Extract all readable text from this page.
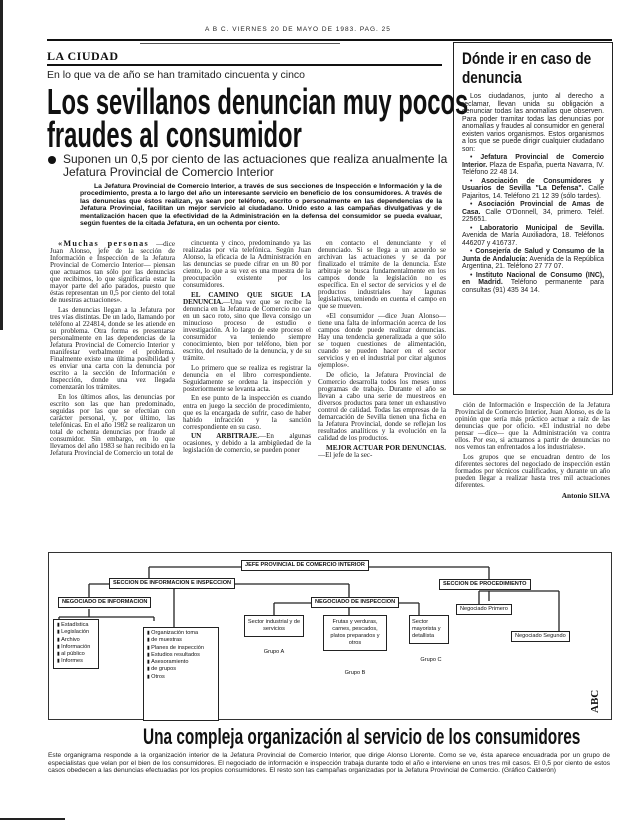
A B C. VIERNES 20 DE MAYO DE 1983. PAG. 25
LA CIUDAD
En lo que va de año se han tramitado cincuenta y cinco
Los sevillanos denuncian muy pocos
fraudes al consumidor
Suponen un 0,5 por ciento de las actuaciones que realiza anualmente la Jefatura Provincial de Comercio Interior
La Jefatura Provincial de Comercio Interior, a través de sus secciones de Inspección e Información y la de procedimiento, presta a lo largo del año un interesante servicio en beneficio de los consumidores. A través de las denuncias que éstos realizan, ya sean por teléfono, escrito o personalmente en las dependencias de la Jefatura Provincial, facilitan un mejor servicio al ciudadano. Unido esto a las campañas divulgativas y de mentalización hacen que la efectividad de la Administración en la defensa del consumidor se pueda evaluar, según fuentes de la citada Jefatura, en un ochenta por ciento.

«Muchas personas —dice Juan Alonso, jefe de la sección de Información e Inspección de la Jefatura Provincial de Comercio Interior— piensan que actuamos tan sólo por las denuncias que recibimos, lo que significaría estar la mayor parte del año parados, puesto que éstas representan un 0,5 por ciento del total de nuestras actuaciones».

Las denuncias llegan a la Jefatura por tres vías distintas. De un lado, llamando por teléfono al 224814, donde se les atiende en su problema. Otra forma es presentarse personalmente en las dependencias de la Jefatura Provincial de Comercio Interior y manifestar verbalmente el problema. Finalmente existe una última posibilidad y es enviar una carta con la denuncia por escrito a la sección de Información e Inspección, donde una vez llegada comenzarán los trámites.

En los últimos años, las denuncias por escrito son las que han predominado, seguidas por las que se efectúan con carácter personal, y, por último, las telefónicas. En el año 1982 se realizaron un total de ochenta denuncias por fraude al consumidor. Sin embargo, en lo que llevamos del año 1983 se han recibido en la Jefatura Provincial de Comercio un total de

cincuenta y cinco, predominando ya las realizadas por vía telefónica. Según Juan Alonso, la eficacia de la Administración en las denuncias se puede cifrar en un 80 por ciento, lo que a su vez es una muestra de la preocupación existente por los consumidores.

EL CAMINO QUE SIGUE LA DENUNCIA.—Una vez que se recibe la denuncia en la Jefatura de Comercio no cae en un saco roto, sino que lleva consigo un minucioso proceso de estudio e investigación. A lo largo de este proceso el consumidor va teniendo siempre conocimiento, bien por teléfono, bien por escrito, del resultado de la denuncia, y de su trámite.

Lo primero que se realiza es registrar la denuncia en el libro correspondiente. Seguidamente se ordena la inspección y posteriormente se levanta acta.

En ese punto de la inspección es cuando entra en juego la sección de procedimiento, que es la encargada de sufrir, caso de haber habido infracción y la sanción correspondiente en su caso.

UN ARBITRAJE.—En algunas ocasiones, y debido a la ambigüedad de la legislación de comercio, se pueden poner

en contacto el denunciante y el denunciado. Si se llega a un acuerdo se archivan las actuaciones y se da por finalizado el trámite de la denuncia. Este arbitraje se busca fundamentalmente en los campos donde la legislación no es específica. En el sector de servicios y el de productos industriales hay lagunas legislativas, teniendo en cuenta el campo en que se mueven.

«El consumidor —dice Juan Alonso— tiene una falta de información acerca de los campos donde puede realizar denuncias. Hay una tendencia generalizada a que sólo se toquen cuestiones de alimentación, cuando se pueden hacer en el sector servicios y en el industrial por citar algunos ejemplos».

De oficio, la Jefatura Provincial de Comercio desarrolla todos los meses unos programas de trabajo. Durante el año se llevan a cabo una serie de muestreos en diversos productos para tener un exhaustivo control de calidad. Todas las empresas de la demarcación de Sevilla tienen una ficha en la Jefatura Provincial, donde se reflejan los resultados analíticos y la evolución en la calidad de los productos.

MEJOR ACTUAR POR DENUNCIAS.—El jefe de la sec-

ción de Información e Inspección de la Jefatura Provincial de Comercio Interior, Juan Alonso, es de la opinión que sería más práctico actuar a raíz de las denuncias que por oficio. «El industrial no debe pensar —dice— que la Administración va contra ellos. Por eso, si actuamos a partir de denuncias no nos vemos tan enfrentados a los industriales».

Los grupos que se encuadran dentro de los diferentes sectores del negociado de inspección están formados por técnicos cualificados, y durante un año pueden llegar a realizar hasta tres mil actuaciones diferentes.

Antonio SILVA
Dónde ir en caso de denuncia

Los ciudadanos, junto al derecho a reclamar, llevan unida su obligación a denunciar todas las anomalías que observen. Para poder tramitar todas las denuncias por anomalías y fraudes al consumidor en general existen varios organismos. Estos organismos a los que se puede dirigir cualquier ciudadano son:

• Jefatura Provincial de Comercio Interior. Plaza de España, puerta Navarra, IV. Teléfono 22 48 14.

• Asociación de Consumidores y Usuarios de Sevilla "La Defensa". Calle Pajaritos, 14. Teléfono 21 12 39 (sólo tardes).

• Asociación Provincial de Amas de Casa. Calle O'Donnell, 34, primero. Teléf. 225651.

• Laboratorio Municipal de Sevilla. Avenida de María Auxiliadora, 18. Teléfonos 446207 y 416737.

• Consejería de Salud y Consumo de la Junta de Andalucía: Avenida de la República Argentina, 21. Teléfono 27 77 07.

• Instituto Nacional de Consumo (INC), en Madrid. Teléfono permanente para consultas (91) 435 34 14.

JEFE PROVINCIAL DE COMERCIO INTERIOR
SECCION DE INFORMACION E INSPECCION	SECCION DE PROCEDIMIENTO
NEGOCIADO DE INFORMACION	NEGOCIADO DE INSPECCION
▮ Estadística
▮ Legislación
▮ Archivo
▮ Información
▮ al público
▮ Informes
▮ Organización toma
▮ de muestras
▮ Planes de inspección
▮ Estudios resultados
▮ Asesoramiento
▮ de grupos
▮ Otros
Sector industrial y de servicios
Grupo A
Frutas y verduras, carnes, pescados, platos preparados y otros
Grupo B
Sector mayorista y detallista
Grupo C
Negociado Primero
Negociado Segundo
ABC
Una compleja organización al servicio de los consumidores
Este organigrama responde a la organización interior de la Jefatura Provincial de Comercio Interior, que dirige Alonso Llorente. Como se ve, ésta aparece encuadrada por un grupo de especialistas que velan por el bien de los consumidores. El negociado de información e inspección trabaja durante todo el año e interviene en unos tres mil casos. El 0,5 por ciento de estos casos obedecen a las denuncias efectuadas por los propios consumidores. El resto son las campañas organizadas por la Jefatura Provincial de Comercio. (Gráfico Calderón)
